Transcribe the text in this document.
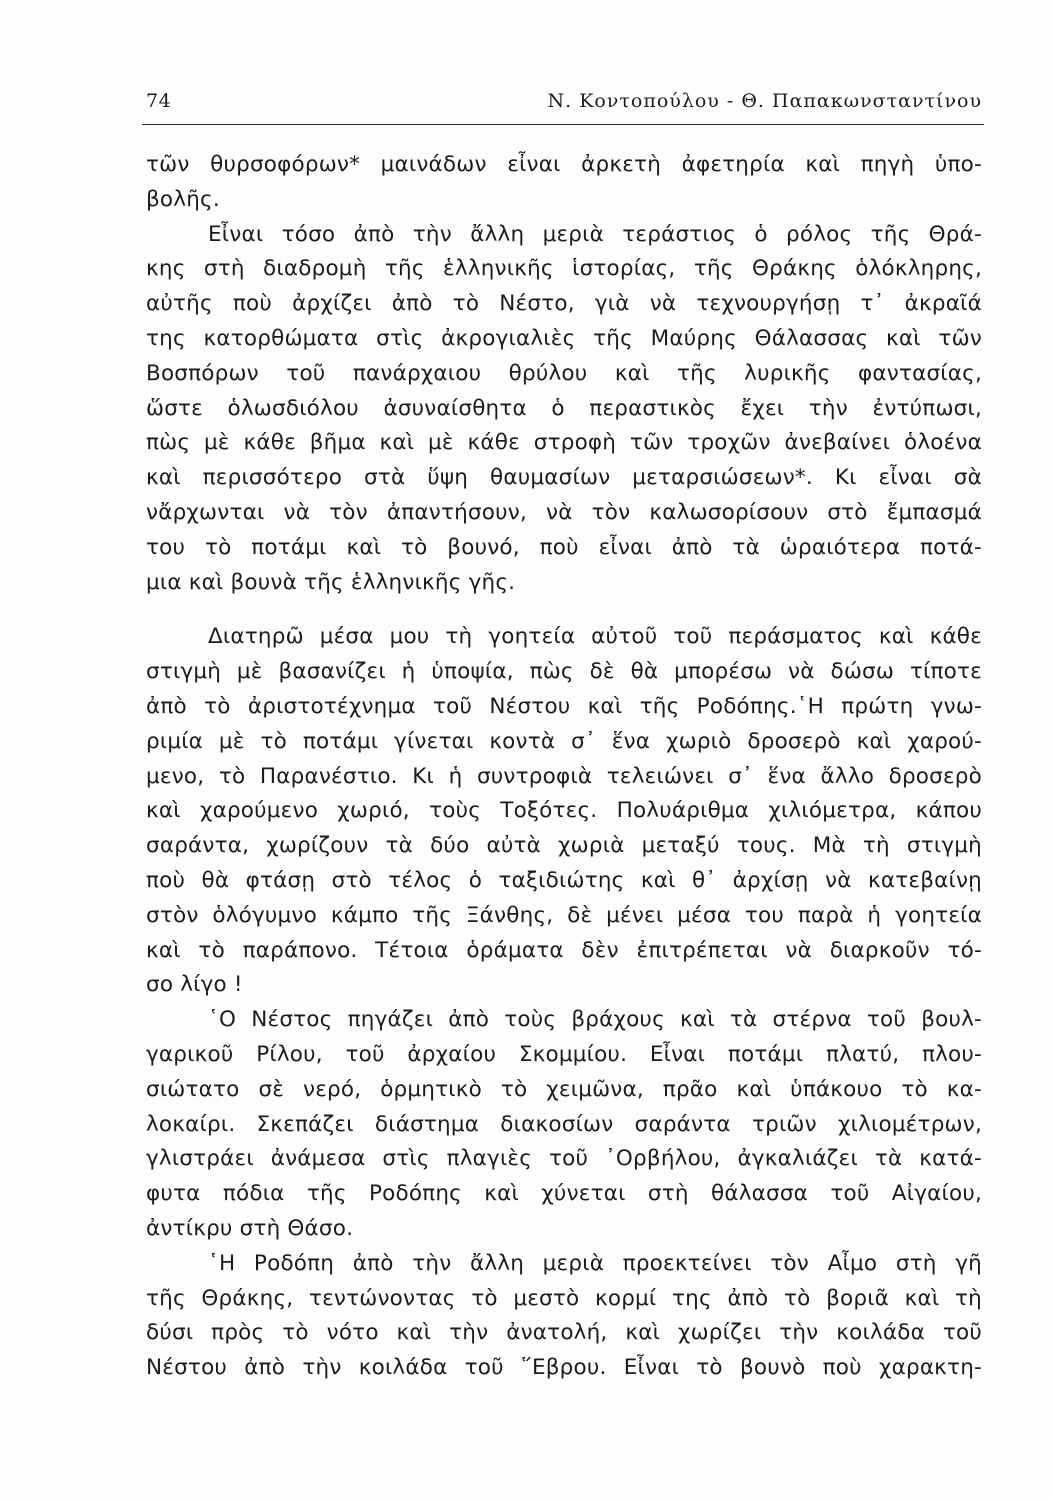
74	Ν. Κοντοπούλου - Θ. Παπακωνσταντίνου
τῶν θυρσοφόρων* μαινάδων εἶναι ἀρκετὴ ἀφετηρία καὶ πηγὴ ὑπο-
βολῆς.
Εἶναι τόσο ἀπὸ τὴν ἄλλη μεριὰ τεράστιος ὁ ρόλος τῆς Θρά-
κης στὴ διαδρομὴ τῆς ἑλληνικῆς ἱστορίας, τῆς Θράκης ὁλόκληρης,
αὐτῆς ποὺ ἀρχίζει ἀπὸ τὸ Νέστο, γιὰ νὰ τεχνουργήσῃ τ᾽ ἀκραῖά
της κατορθώματα στὶς ἀκρογιαλιὲς τῆς Μαύρης Θάλασσας καὶ τῶν
Βοσπόρων τοῦ πανάρχαιου θρύλου καὶ τῆς λυρικῆς φαντασίας,
ὥστε ὁλωσδιόλου ἀσυναίσθητα ὁ περαστικὸς ἔχει τὴν ἐντύπωσι,
πὼς μὲ κάθε βῆμα καὶ μὲ κάθε στροφὴ τῶν τροχῶν ἀνεβαίνει ὁλοένα
καὶ περισσότερο στὰ ὕψη θαυμασίων μεταρσιώσεων*. Κι εἶναι σὰ
νἄρχωνται νὰ τὸν ἀπαντήσουν, νὰ τὸν καλωσορίσουν στὸ ἔμπασμά
του τὸ ποτάμι καὶ τὸ βουνό, ποὺ εἶναι ἀπὸ τὰ ὡραιότερα ποτά-
μια καὶ βουνὰ τῆς ἑλληνικῆς γῆς.
Διατηρῶ μέσα μου τὴ γοητεία αὐτοῦ τοῦ περάσματος καὶ κάθε
στιγμὴ μὲ βασανίζει ἡ ὑποψία, πὼς δὲ θὰ μπορέσω νὰ δώσω τίποτε
ἀπὸ τὸ ἀριστοτέχνημα τοῦ Νέστου καὶ τῆς Ροδόπης.῾Η πρώτη γνω-
ριμία μὲ τὸ ποτάμι γίνεται κοντὰ σ᾽ ἕνα χωριὸ δροσερὸ καὶ χαρού-
μενο, τὸ Παρανέστιο. Κι ἡ συντροφιὰ τελειώνει σ᾽ ἕνα ἄλλο δροσερὸ
καὶ χαρούμενο χωριό, τοὺς Τοξότες. Πολυάριθμα χιλιόμετρα, κάπου
σαράντα, χωρίζουν τὰ δύο αὐτὰ χωριὰ μεταξύ τους. Μὰ τὴ στιγμὴ
ποὺ θὰ φτάσῃ στὸ τέλος ὁ ταξιδιώτης καὶ θ᾽ ἀρχίσῃ νὰ κατεβαίνῃ
στὸν ὁλόγυμνο κάμπο τῆς Ξάνθης, δὲ μένει μέσα του παρὰ ἡ γοητεία
καὶ τὸ παράπονο. Τέτοια ὁράματα δὲν ἐπιτρέπεται νὰ διαρκοῦν τό-
σο λίγο !
῾Ο Νέστος πηγάζει ἀπὸ τοὺς βράχους καὶ τὰ στέρνα τοῦ βουλ-
γαρικοῦ Ρίλου, τοῦ ἀρχαίου Σκομμίου. Εἶναι ποτάμι πλατύ, πλου-
σιώτατο σὲ νερό, ὁρμητικὸ τὸ χειμῶνα, πρᾶο καὶ ὑπάκουο τὸ κα-
λοκαίρι. Σκεπάζει διάστημα διακοσίων σαράντα τριῶν χιλιομέτρων,
γλιστράει ἀνάμεσα στὶς πλαγιὲς τοῦ ᾿Ορβήλου, ἀγκαλιάζει τὰ κατά-
φυτα πόδια τῆς Ροδόπης καὶ χύνεται στὴ θάλασσα τοῦ Αἰγαίου,
ἀντίκρυ στὴ Θάσο.
῾Η Ροδόπη ἀπὸ τὴν ἄλλη μεριὰ προεκτείνει τὸν Αἶμο στὴ γῆ
τῆς Θράκης, τεντώνοντας τὸ μεστὸ κορμί της ἀπὸ τὸ βοριᾶ καὶ τὴ
δύσι πρὸς τὸ νότο καὶ τὴν ἀνατολή, καὶ χωρίζει τὴν κοιλάδα τοῦ
Νέστου ἀπὸ τὴν κοιλάδα τοῦ ῞Εβρου. Εἶναι τὸ βουνὸ ποὺ χαρακτη-
